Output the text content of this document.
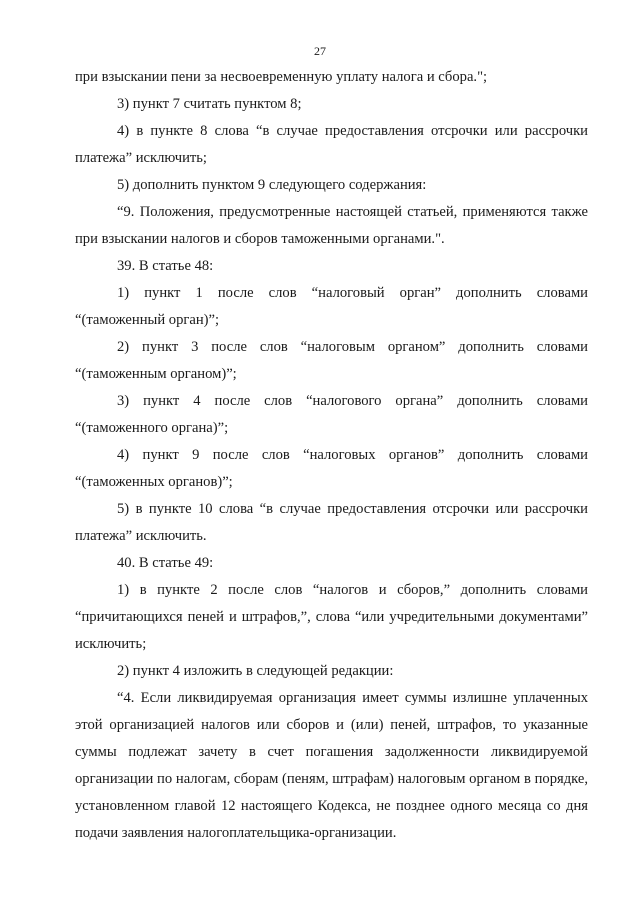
27

при взыскании пени за несвоевременную уплату налога и сбора.";

3) пункт 7 считать пунктом 8;

4) в пункте 8 слова “в случае предоставления отсрочки или рассрочки платежа” исключить;

5) дополнить пунктом 9 следующего содержания:

“9. Положения, предусмотренные настоящей статьей, применяются также при взыскании налогов и сборов таможенными органами.".

39. В статье 48:

1) пункт 1 после слов “налоговый орган” дополнить словами “(таможенный орган)”;

2) пункт 3 после слов “налоговым органом” дополнить словами “(таможенным органом)”;

3) пункт 4 после слов “налогового органа” дополнить словами “(таможенного органа)”;

4) пункт 9 после слов “налоговых органов” дополнить словами “(таможенных органов)”;

5) в пункте 10 слова “в случае предоставления отсрочки или рассрочки платежа” исключить.

40. В статье 49:

1) в пункте 2 после слов “налогов и сборов,” дополнить словами “причитающихся пеней и штрафов,”, слова “или учредительными документами” исключить;

2) пункт 4 изложить в следующей редакции:

“4. Если ликвидируемая организация имеет суммы излишне уплаченных этой организацией налогов или сборов и (или) пеней, штрафов, то указанные суммы подлежат зачету в счет погашения задолженности ликвидируемой организации по налогам, сборам (пеням, штрафам) налоговым органом в порядке, установленном главой 12 настоящего Кодекса, не позднее одного месяца со дня подачи заявления налогоплательщика-организации.
